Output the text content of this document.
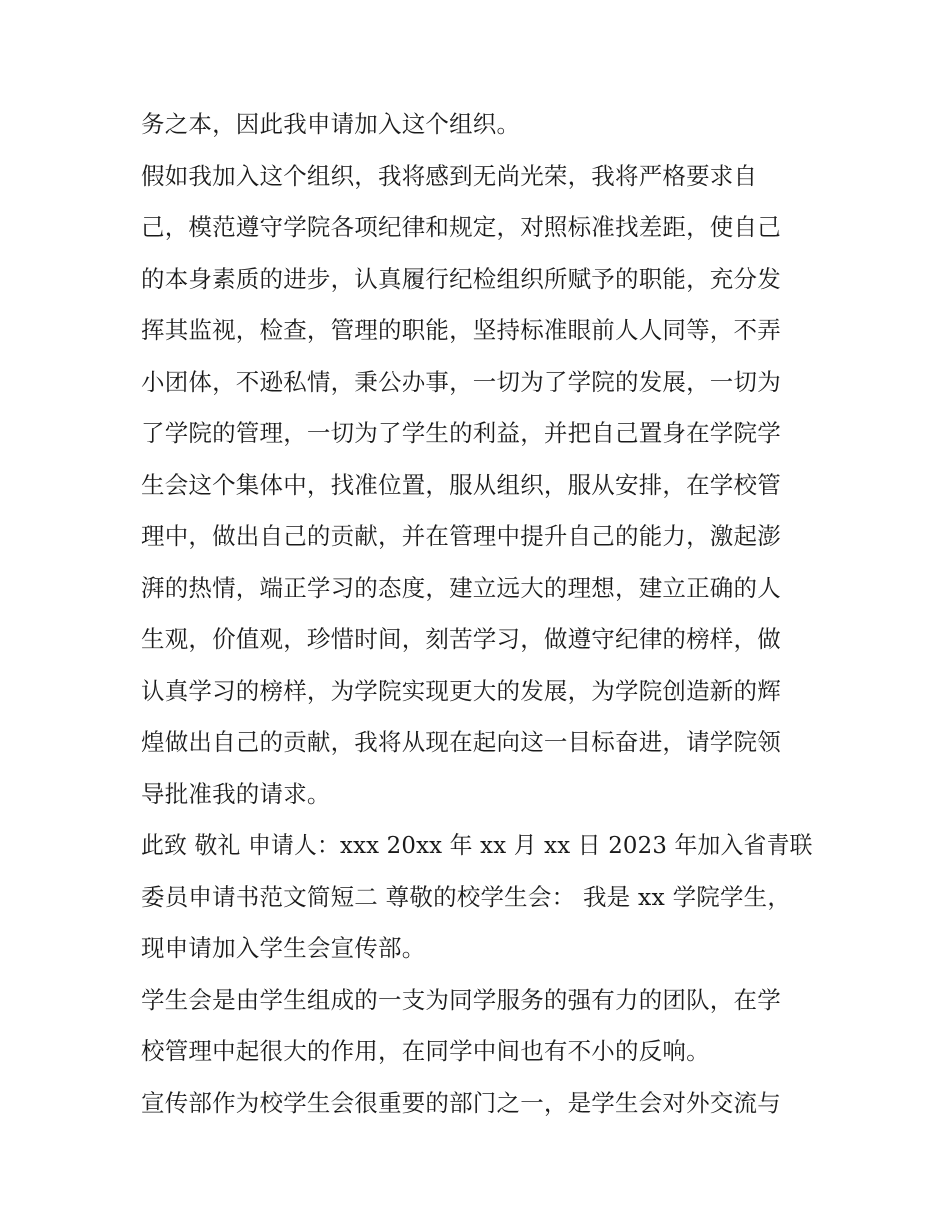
务之本，因此我申请加入这个组织。
假如我加入这个组织，我将感到无尚光荣，我将严格要求自
己，模范遵守学院各项纪律和规定，对照标准找差距，使自己
的本身素质的进步，认真履行纪检组织所赋予的职能，充分发
挥其监视，检查，管理的职能，坚持标准眼前人人同等，不弄
小团体，不逊私情，秉公办事，一切为了学院的发展，一切为
了学院的管理，一切为了学生的利益，并把自己置身在学院学
生会这个集体中，找准位置，服从组织，服从安排，在学校管
理中，做出自己的贡献，并在管理中提升自己的能力，激起澎
湃的热情，端正学习的态度，建立远大的理想，建立正确的人
生观，价值观，珍惜时间，刻苦学习，做遵守纪律的榜样，做
认真学习的榜样，为学院实现更大的发展，为学院创造新的辉
煌做出自己的贡献，我将从现在起向这一目标奋进，请学院领
导批准我的请求。
此致 敬礼 申请人：xxx 20xx 年 xx 月 xx 日 2023 年加入省青联
委员申请书范文简短二 尊敬的校学生会： 我是 xx 学院学生，
现申请加入学生会宣传部。
学生会是由学生组成的一支为同学服务的强有力的团队，在学
校管理中起很大的作用，在同学中间也有不小的反响。
宣传部作为校学生会很重要的部门之一，是学生会对外交流与
